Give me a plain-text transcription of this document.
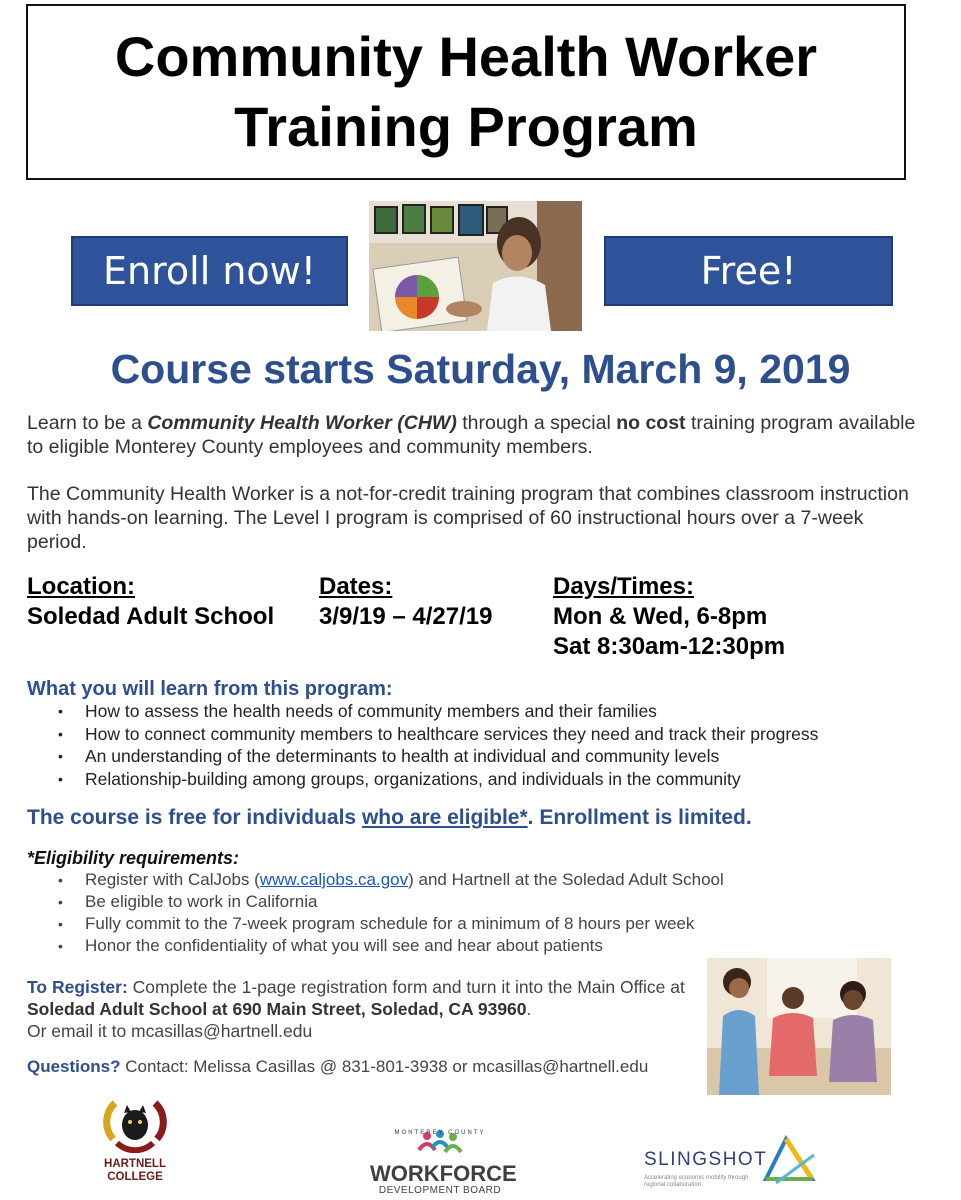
Community Health Worker
Training Program
Enroll now!	Free!
Course starts Saturday, March 9, 2019
Learn to be a Community Health Worker (CHW) through a special no cost training program available to eligible Monterey County employees and community members.
The Community Health Worker is a not-for-credit training program that combines classroom instruction with hands-on learning. The Level I program is comprised of 60 instructional hours over a 7-week period.
Location:
Soledad Adult School
Dates:
3/9/19 – 4/27/19
Days/Times:
Mon & Wed, 6-8pm
Sat 8:30am-12:30pm
What you will learn from this program:
• How to assess the health needs of community members and their families
• How to connect community members to healthcare services they need and track their progress
• An understanding of the determinants to health at individual and community levels
• Relationship-building among groups, organizations, and individuals in the community
The course is free for individuals who are eligible*. Enrollment is limited.
*Eligibility requirements:
• Register with CalJobs (www.caljobs.ca.gov) and Hartnell at the Soledad Adult School
• Be eligible to work in California
• Fully commit to the 7-week program schedule for a minimum of 8 hours per week
• Honor the confidentiality of what you will see and hear about patients
To Register: Complete the 1-page registration form and turn it into the Main Office at Soledad Adult School at 690 Main Street, Soledad, CA 93960.
Or email it to mcasillas@hartnell.edu
Questions? Contact: Melissa Casillas @ 831-801-3938 or mcasillas@hartnell.edu
HARTNELL
COLLEGE
MONTEREY COUNTY
WORKFORCE
DEVELOPMENT BOARD
SLINGSHOT
Accelerating economic mobility through regional collaboration
